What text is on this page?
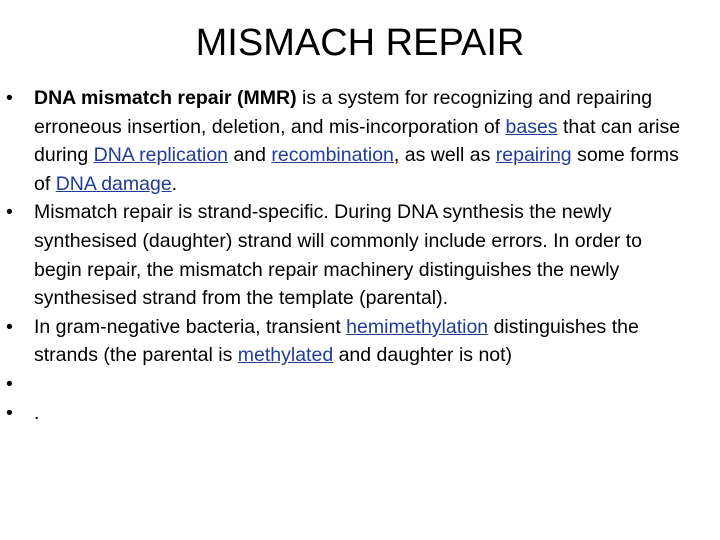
MISMACH REPAIR
• DNA mismatch repair (MMR) is a system for recognizing and repairing erroneous insertion, deletion, and mis-incorporation of bases that can arise during DNA replication and recombination, as well as repairing some forms of DNA damage.
• Mismatch repair is strand-specific. During DNA synthesis the newly synthesised (daughter) strand will commonly include errors. In order to begin repair, the mismatch repair machinery distinguishes the newly synthesised strand from the template (parental).
• In gram-negative bacteria, transient hemimethylation distinguishes the strands (the parental is methylated and daughter is not)
•
• .
